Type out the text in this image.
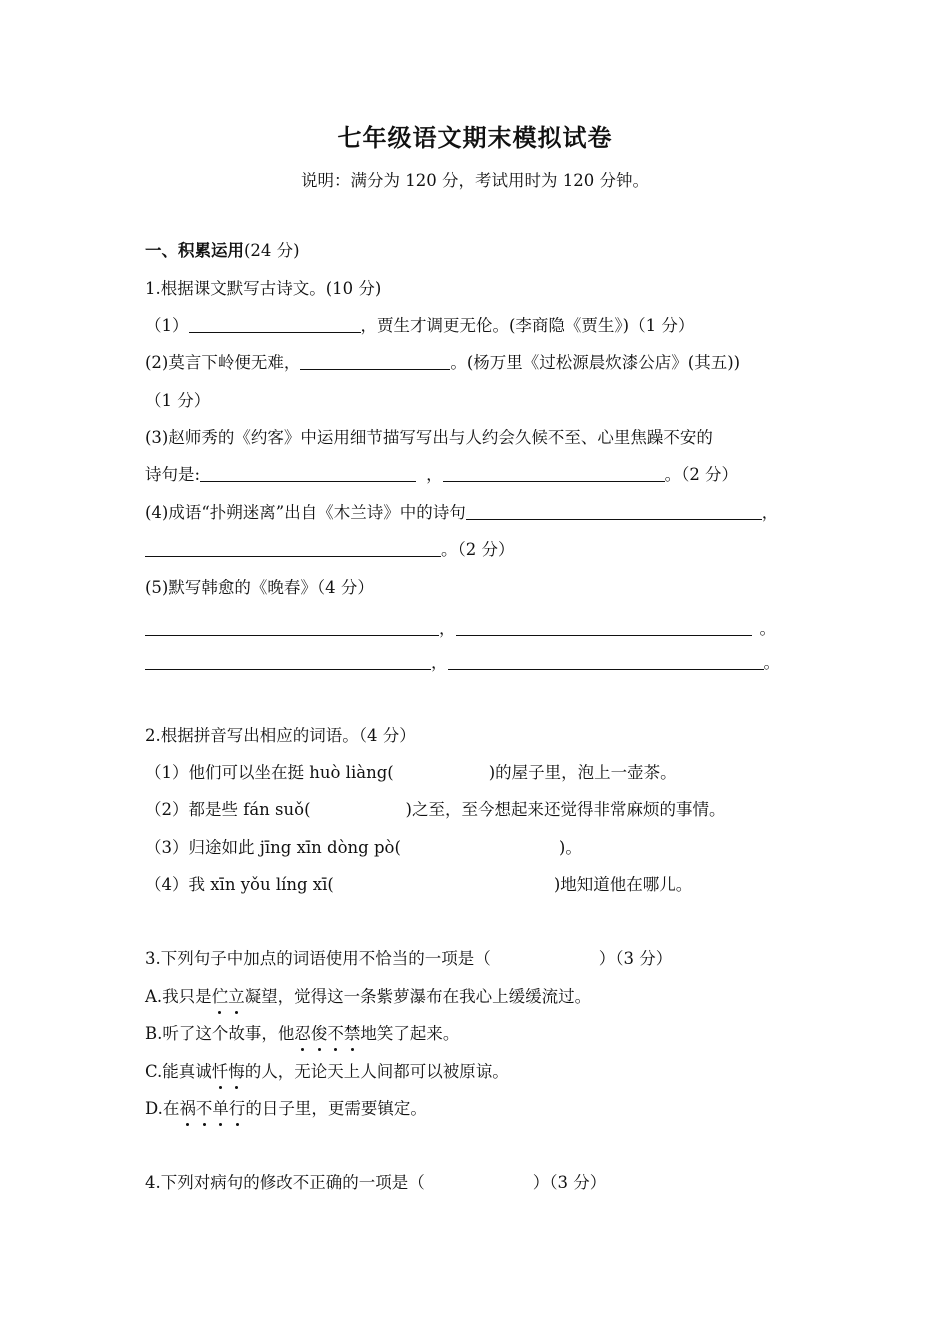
七年级语文期末模拟试卷
说明：满分为 120 分，考试用时为 120 分钟。
一、积累运用(24 分)
1.根据课文默写古诗文。(10 分)
（1）	，贾生才调更无伦。(李商隐《贾生》)（1 分）
(2)莫言下岭便无难，	。(杨万里《过松源晨炊漆公店》(其五))
（1 分）
(3)赵师秀的《约客》中运用细节描写写出与人约会久候不至、心里焦躁不安的
诗句是:	，	。（2 分）
(4)成语“扑朔迷离”出自《木兰诗》中的诗句	，
。（2 分）
(5)默写韩愈的《晚春》（4 分）
，	。
，	。
2.根据拼音写出相应的词语。（4 分）
（1）他们可以坐在挺 huò liàng(	)的屋子里，泡上一壶茶。
（2）都是些 fán suǒ(	)之至，至今想起来还觉得非常麻烦的事情。
（3）归途如此 jīng xīn dòng pò(	)。
（4）我 xīn yǒu líng xī(	)地知道他在哪儿。
3.下列句子中加点的词语使用不恰当的一项是（	）（3 分）
A.我只是伫立凝望，觉得这一条紫萝瀑布在我心上缓缓流过。
B.听了这个故事，他忍俊不禁地笑了起来。
C.能真诚忏悔的人，无论天上人间都可以被原谅。
D.在祸不单行的日子里，更需要镇定。
4.下列对病句的修改不正确的一项是（	）（3 分）
